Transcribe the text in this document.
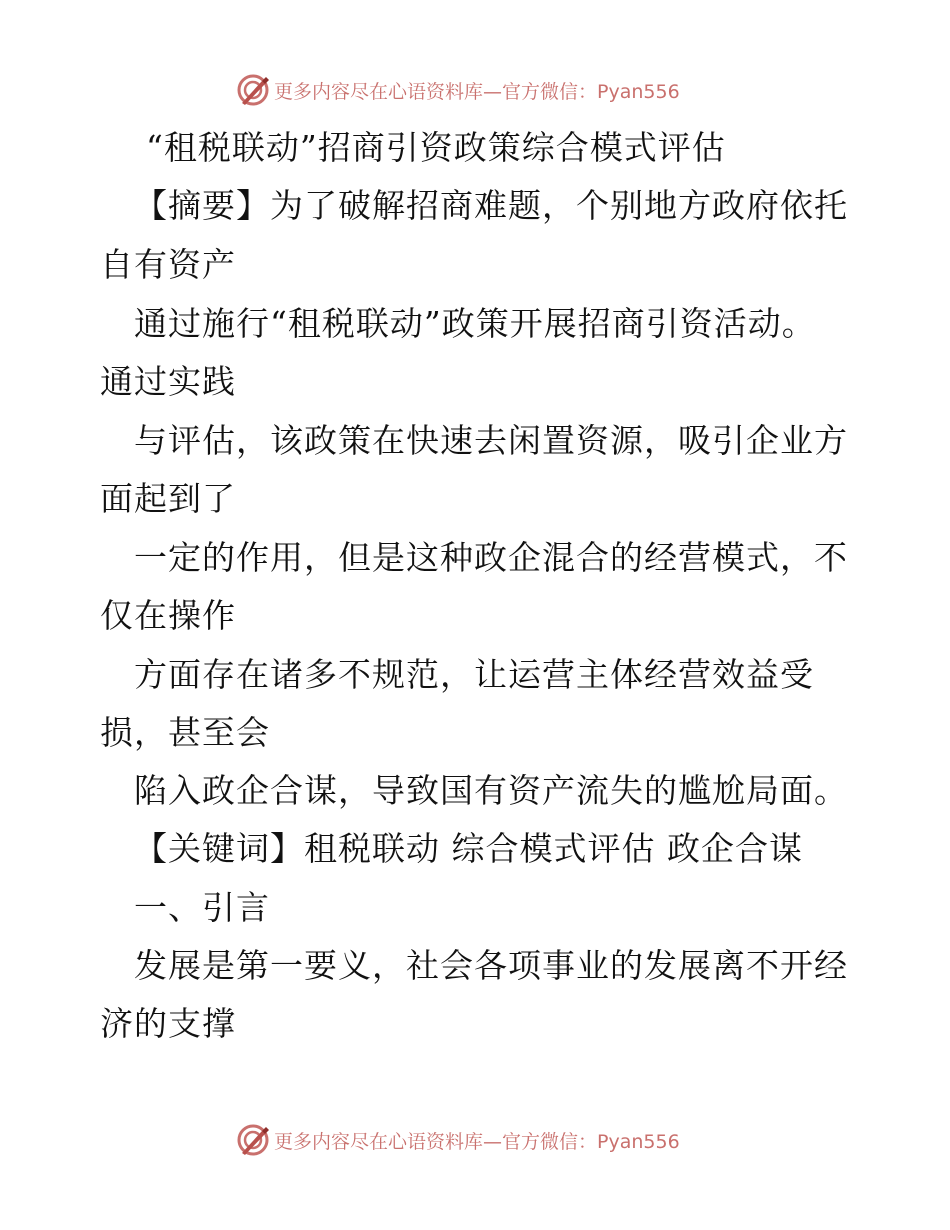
更多内容尽在心语资料库—官方微信：Pyan556
“租税联动”招商引资政策综合模式评估
【摘要】为了破解招商难题，个别地方政府依托
自有资产
通过施行“租税联动”政策开展招商引资活动。
通过实践
与评估，该政策在快速去闲置资源，吸引企业方
面起到了
一定的作用，但是这种政企混合的经营模式，不
仅在操作
方面存在诸多不规范，让运营主体经营效益受
损，甚至会
陷入政企合谋，导致国有资产流失的尴尬局面。
【关键词】租税联动 综合模式评估 政企合谋
一、引言
发展是第一要义，社会各项事业的发展离不开经
济的支撑
更多内容尽在心语资料库—官方微信：Pyan556
